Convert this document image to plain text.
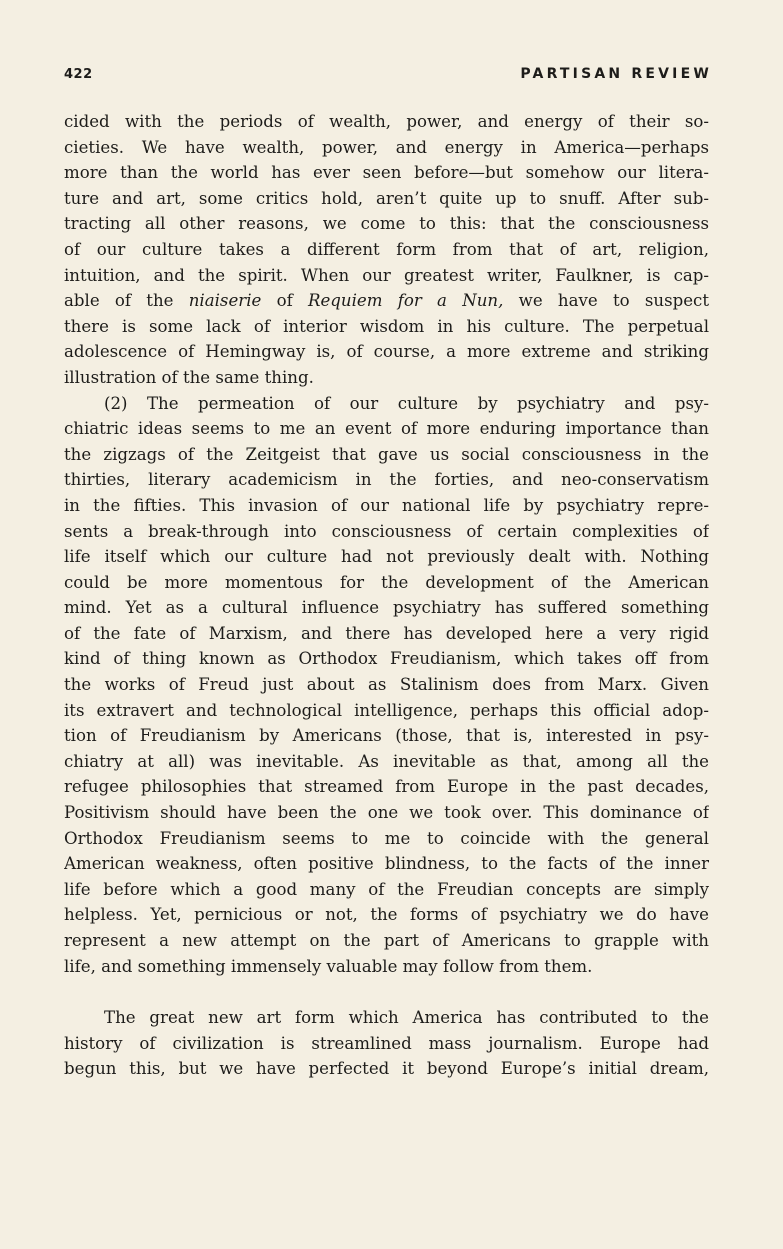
422	PARTISAN REVIEW
cided with the periods of wealth, power, and energy of their so-
cieties. We have wealth, power, and energy in America—perhaps
more than the world has ever seen before—but somehow our litera-
ture and art, some critics hold, aren’t quite up to snuff. After sub-
tracting all other reasons, we come to this: that the consciousness
of our culture takes a different form from that of art, religion,
intuition, and the spirit. When our greatest writer, Faulkner, is cap-
able of the niaiserie of Requiem for a Nun, we have to suspect
there is some lack of interior wisdom in his culture. The perpetual
adolescence of Hemingway is, of course, a more extreme and striking
illustration of the same thing.
(2) The permeation of our culture by psychiatry and psy-
chiatric ideas seems to me an event of more enduring importance than
the zigzags of the Zeitgeist that gave us social consciousness in the
thirties, literary academicism in the forties, and neo-conservatism
in the fifties. This invasion of our national life by psychiatry repre-
sents a break-through into consciousness of certain complexities of
life itself which our culture had not previously dealt with. Nothing
could be more momentous for the development of the American
mind. Yet as a cultural influence psychiatry has suffered something
of the fate of Marxism, and there has developed here a very rigid
kind of thing known as Orthodox Freudianism, which takes off from
the works of Freud just about as Stalinism does from Marx. Given
its extravert and technological intelligence, perhaps this official adop-
tion of Freudianism by Americans (those, that is, interested in psy-
chiatry at all) was inevitable. As inevitable as that, among all the
refugee philosophies that streamed from Europe in the past decades,
Positivism should have been the one we took over. This dominance of
Orthodox Freudianism seems to me to coincide with the general
American weakness, often positive blindness, to the facts of the inner
life before which a good many of the Freudian concepts are simply
helpless. Yet, pernicious or not, the forms of psychiatry we do have
represent a new attempt on the part of Americans to grapple with
life, and something immensely valuable may follow from them.
The great new art form which America has contributed to the
history of civilization is streamlined mass journalism. Europe had
begun this, but we have perfected it beyond Europe’s initial dream,
